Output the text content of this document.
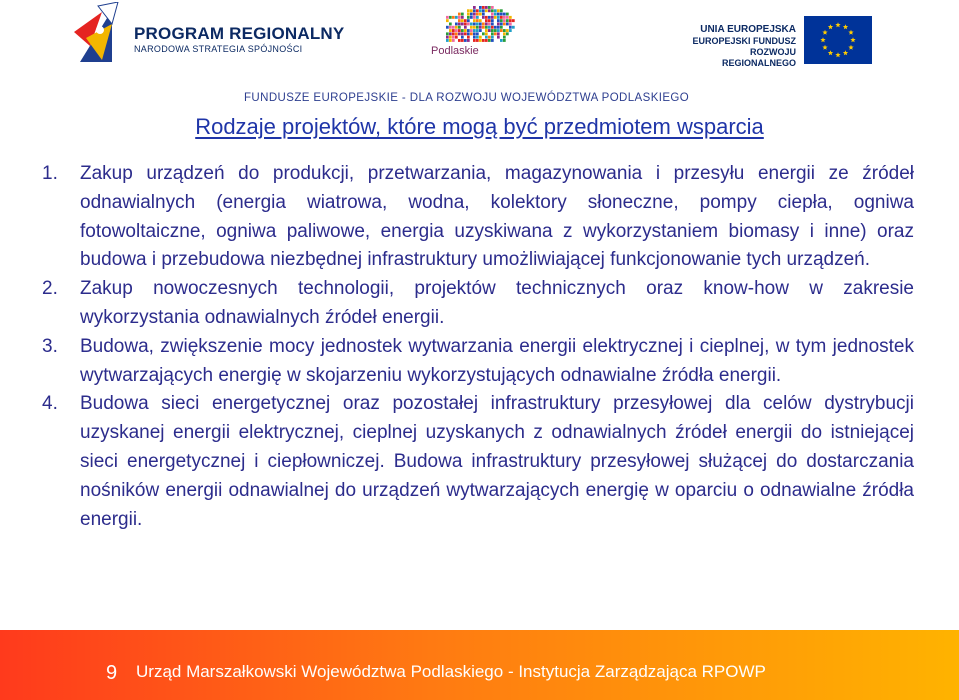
PROGRAM REGIONALNY
NARODOWA STRATEGIA SPÓJNOŚCI	Podlaskie
UNIA EUROPEJSKA
EUROPEJSKI FUNDUSZ
ROZWOJU REGIONALNEGO
FUNDUSZE EUROPEJSKIE - DLA ROZWOJU WOJEWÓDZTWA PODLASKIEGO
Rodzaje projektów, które mogą być przedmiotem wsparcia
1. Zakup urządzeń do produkcji, przetwarzania, magazynowania i przesyłu energii ze źródeł odnawialnych (energia wiatrowa, wodna, kolektory słoneczne, pompy ciepła, ogniwa fotowoltaiczne, ogniwa paliwowe, energia uzyskiwana z wykorzystaniem biomasy i inne) oraz budowa i przebudowa niezbędnej infrastruktury umożliwiającej funkcjonowanie tych urządzeń.
2. Zakup nowoczesnych technologii, projektów technicznych oraz know-how w zakresie wykorzystania odnawialnych źródeł energii.
3. Budowa, zwiększenie mocy jednostek wytwarzania energii elektrycznej i cieplnej, w tym jednostek wytwarzających energię w skojarzeniu wykorzystujących odnawialne źródła energii.
4. Budowa sieci energetycznej oraz pozostałej infrastruktury przesyłowej dla celów dystrybucji uzyskanej energii elektrycznej, cieplnej uzyskanych z odnawialnych źródeł energii do istniejącej sieci energetycznej i ciepłowniczej. Budowa infrastruktury przesyłowej służącej do dostarczania nośników energii odnawialnej do urządzeń wytwarzających energię w oparciu o odnawialne źródła energii.
9 Urząd Marszałkowski Województwa Podlaskiego - Instytucja Zarządzająca RPOWP
